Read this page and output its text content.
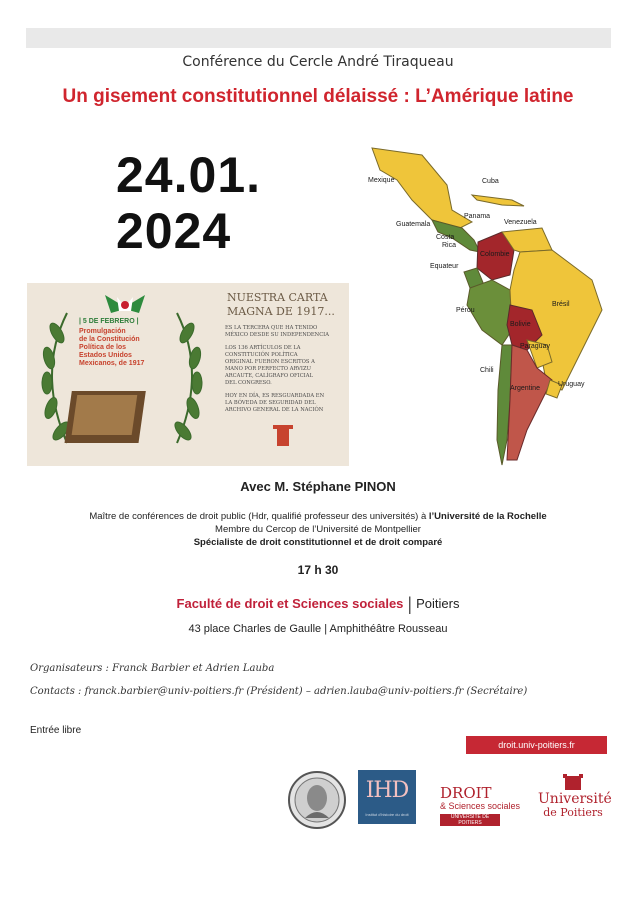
Conférence du Cercle André Tiraqueau
Un gisement constitutionnel délaissé : L’Amérique latine
24.01.
2024
| 5 DE FEBRERO |
Promulgación
de la Constitución
Política de los
Estados Unidos
Mexicanos, de 1917
NUESTRA CARTA
MAGNA DE 1917...
ES LA TERCERA QUE HA TENIDO
MÉXICO DESDE SU INDEPENDENCIA
LOS 136 ARTÍCULOS DE LA
CONSTITUCIÓN POLÍTICA
ORIGINAL FUERON ESCRITOS A
MANO POR PERFECTO ARVIZU
ARCAUTE, CALÍGRAFO OFICIAL
DEL CONGRESO.
HOY EN DÍA, ES RESGUARDADA EN
LA BÓVEDA DE SEGURIDAD DEL
ARCHIVO GENERAL DE LA NACIÓN
Mexique	Cuba
Panama
Guatemala	Venezuela
Costa
Rica
Colombie
Equateur
Pérou
Brésil
Bolivie
Paraguay
Chili
Argentine
Uruguay
Avec M. Stéphane PINON
Maître de conférences de droit public (Hdr, qualifié professeur des universités) à l’Université de la Rochelle
Membre du Cercop de l’Université de Montpellier
Spécialiste de droit constitutionnel et de droit comparé
17 h 30
Faculté de droit et Sciences sociales | Poitiers
43 place Charles de Gaulle | Amphithéâtre Rousseau
Organisateurs : Franck Barbier et Adrien Lauba
Contacts : franck.barbier@univ-poitiers.fr (Président) – adrien.lauba@univ-poitiers.fr (Secrétaire)
Entrée libre
droit.univ-poitiers.fr
IHD
Institut d'histoire du droit
DROIT
& Sciences sociales
UNIVERSITÉ DE POITIERS
Université
de Poitiers
